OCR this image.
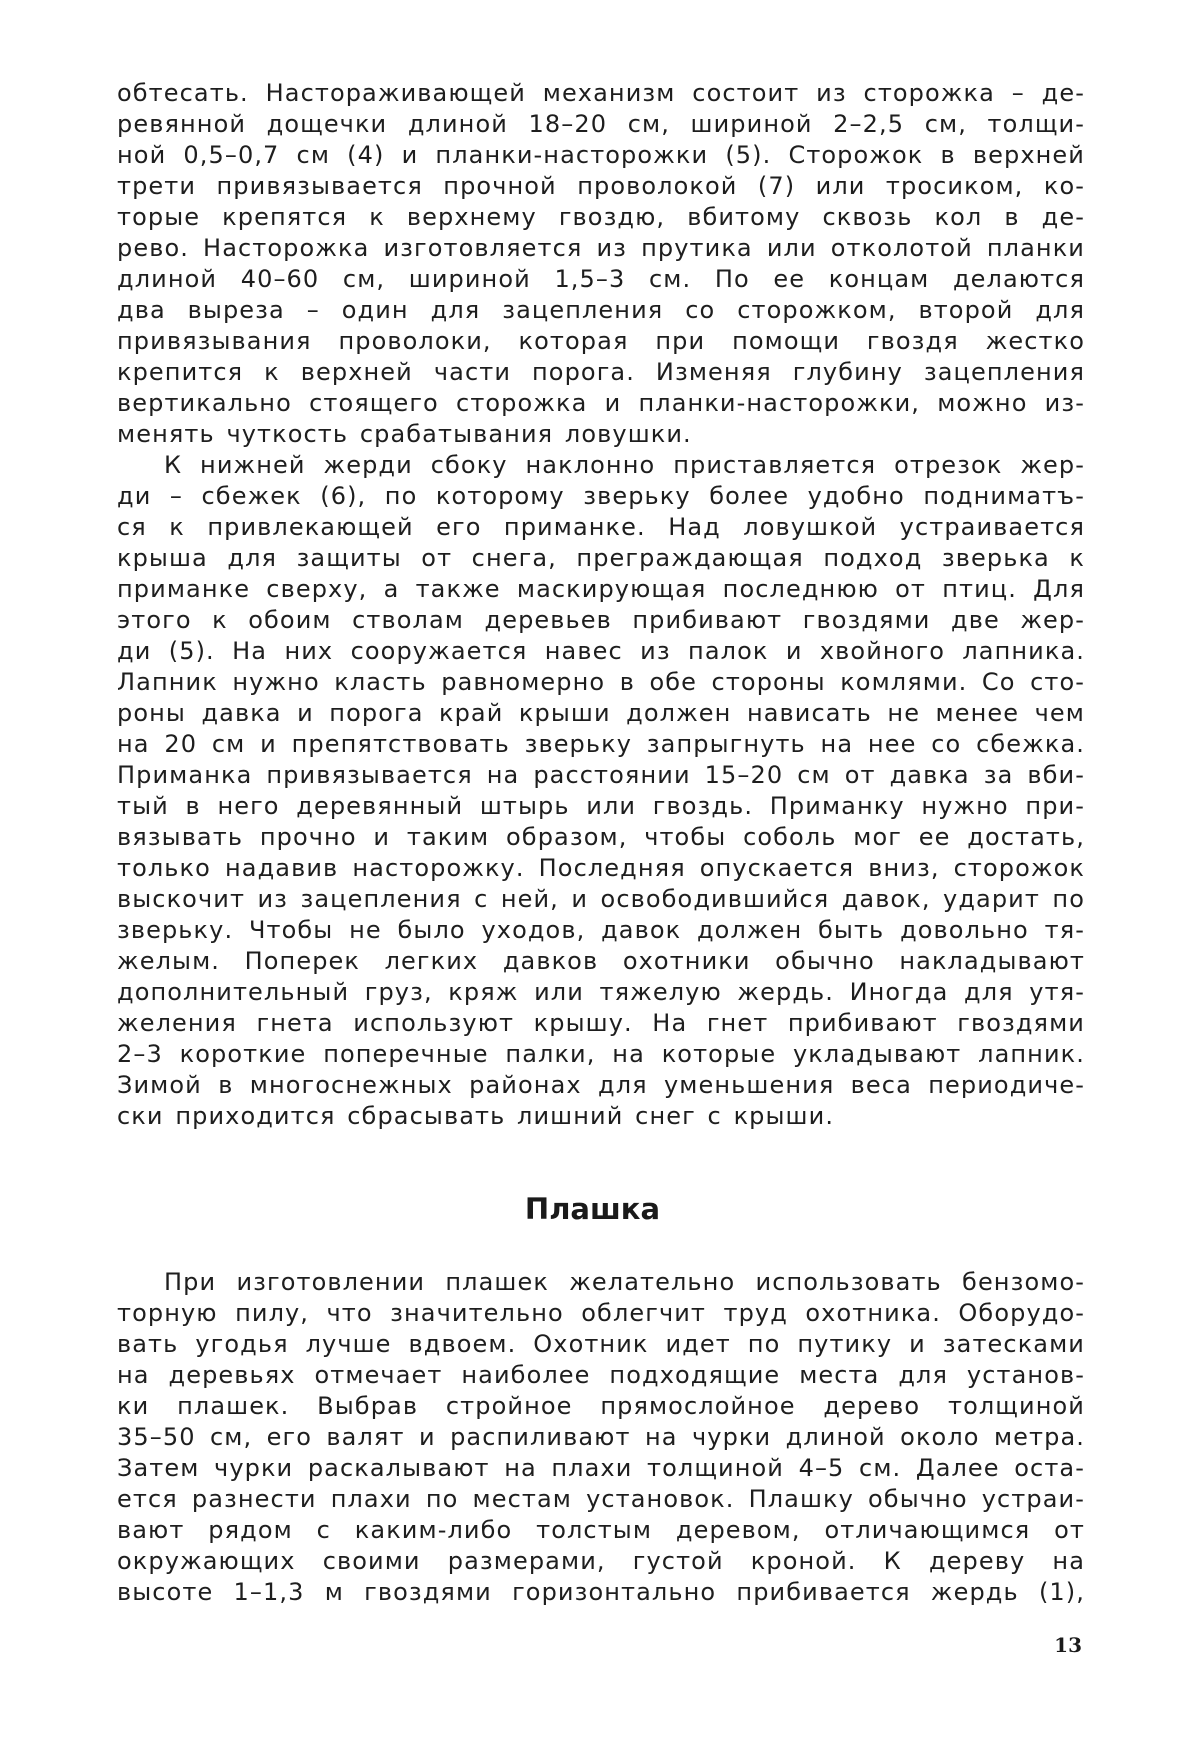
обтесать. Настораживающей механизм состоит из сторожка – де-
ревянной дощечки длиной 18–20 см, шириной 2–2,5 см, толщи-
ной 0,5–0,7 см (4) и планки-насторожки (5). Сторожок в верхней
трети привязывается прочной проволокой (7) или тросиком, ко-
торые крепятся к верхнему гвоздю, вбитому сквозь кол в де-
рево. Насторожка изготовляется из прутика или отколотой планки
длиной 40–60 см, шириной 1,5–3 см. По ее концам делаются
два выреза – один для зацепления со сторожком, второй для
привязывания проволоки, которая при помощи гвоздя жестко
крепится к верхней части порога. Изменяя глубину зацепления
вертикально стоящего сторожка и планки-насторожки, можно из-
менять чуткость срабатывания ловушки.
К нижней жерди сбоку наклонно приставляется отрезок жер-
ди – сбежек (6), по которому зверьку более удобно подниматъ-
ся к привлекающей его приманке. Над ловушкой устраивается
крыша для защиты от снега, преграждающая подход зверька к
приманке сверху, а также маскирующая последнюю от птиц. Для
этого к обоим стволам деревьев прибивают гвоздями две жер-
ди (5). На них сооружается навес из палок и хвойного лапника.
Лапник нужно класть равномерно в обе стороны комлями. Со сто-
роны давка и порога край крыши должен нависать не менее чем
на 20 см и препятствовать зверьку запрыгнуть на нее со сбежка.
Приманка привязывается на расстоянии 15–20 см от давка за вби-
тый в него деревянный штырь или гвоздь. Приманку нужно при-
вязывать прочно и таким образом, чтобы соболь мог ее достать,
только надавив насторожку. Последняя опускается вниз, сторожок
выскочит из зацепления с ней, и освободившийся давок, ударит по
зверьку. Чтобы не было уходов, давок должен быть довольно тя-
желым. Поперек легких давков охотники обычно накладывают
дополнительный груз, кряж или тяжелую жердь. Иногда для утя-
желения гнета используют крышу. На гнет прибивают гвоздями
2–3 короткие поперечные палки, на которые укладывают лапник.
Зимой в многоснежных районах для уменьшения веса периодиче-
ски приходится сбрасывать лишний снег с крыши.
Плашка
При изготовлении плашек желательно использовать бензомо-
торную пилу, что значительно облегчит труд охотника. Оборудо-
вать угодья лучше вдвоем. Охотник идет по путику и затесками
на деревьях отмечает наиболее подходящие места для установ-
ки плашек. Выбрав стройное прямослойное дерево толщиной
35–50 см, его валят и распиливают на чурки длиной около метра.
Затем чурки раскалывают на плахи толщиной 4–5 см. Далее оста-
ется разнести плахи по местам установок. Плашку обычно устраи-
вают рядом с каким-либо толстым деревом, отличающимся от
окружающих своими размерами, густой кроной. К дереву на
высоте 1–1,3 м гвоздями горизонтально прибивается жердь (1),
13
